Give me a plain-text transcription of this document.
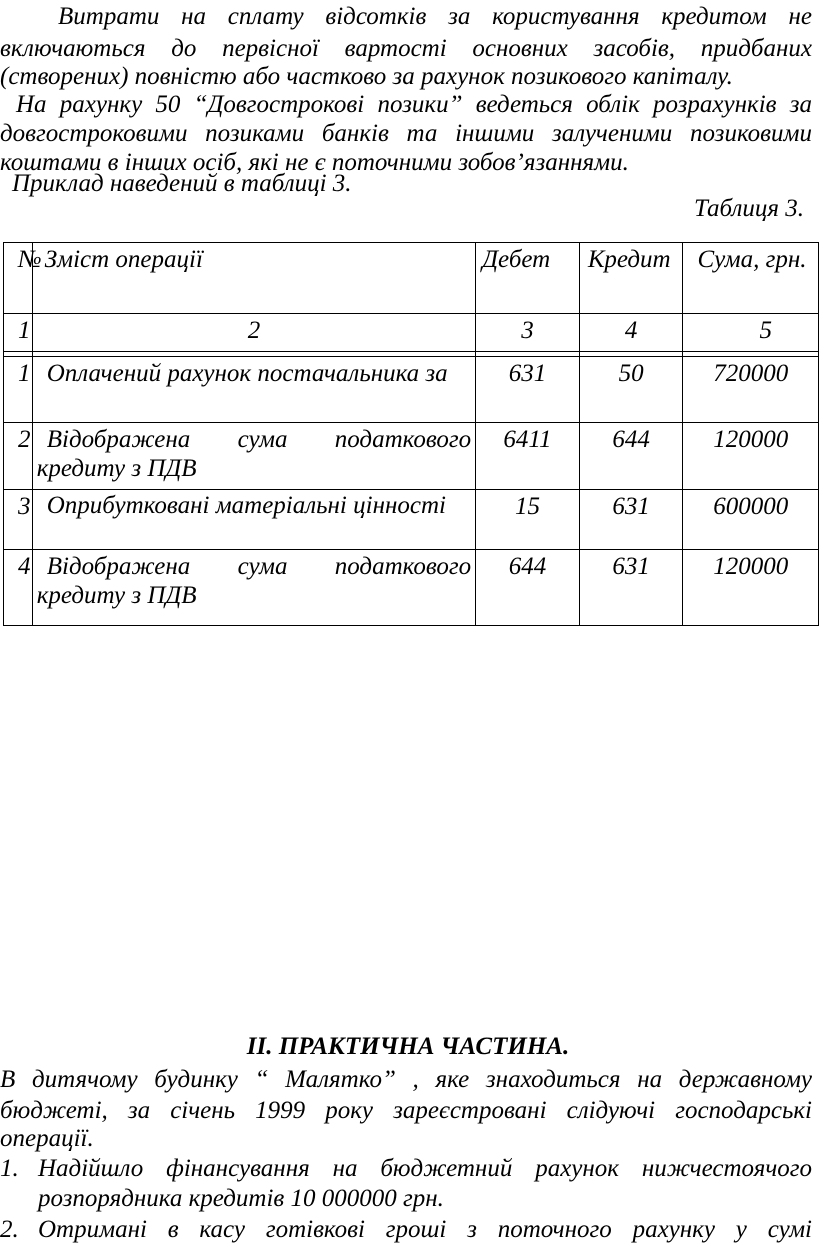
Витрати на сплату відсотків за користування кредитом не
включаються до первісної вартості основних засобів, придбаних
(створених) повністю або частково за рахунок позикового капіталу.
На рахунку 50 “Довгострокові позики” ведеться облік розрахунків за
довгостроковими позиками банків та іншими залученими позиковими
коштами в інших осіб, які не є поточними зобов’язаннями.
Приклад наведений в таблиці 3.
Таблиця 3.
№	Зміст операції	Дебет	Кредит	Сума, грн.
1	2	3	4	5

1	Оплачений рахунок постачальника за	631	50	720000
2	Відображена сума податкового кредиту з ПДВ	6411	644	120000
3	Оприбутковані матеріальні цінності	15	631	600000
4	Відображена сума податкового кредиту з ПДВ	644	631	120000
II. ПРАКТИЧНА ЧАСТИНА.
В дитячому будинку “ Малятко” , яке знаходиться на державному
бюджеті, за січень 1999 року зареєстровані слідуючі господарські
операції.
1. Надійшло фінансування на бюджетний рахунок нижчестоячого
розпорядника кредитів 10 000000 грн.
2. Отримані в касу готівкові гроші з поточного рахунку у сумі
